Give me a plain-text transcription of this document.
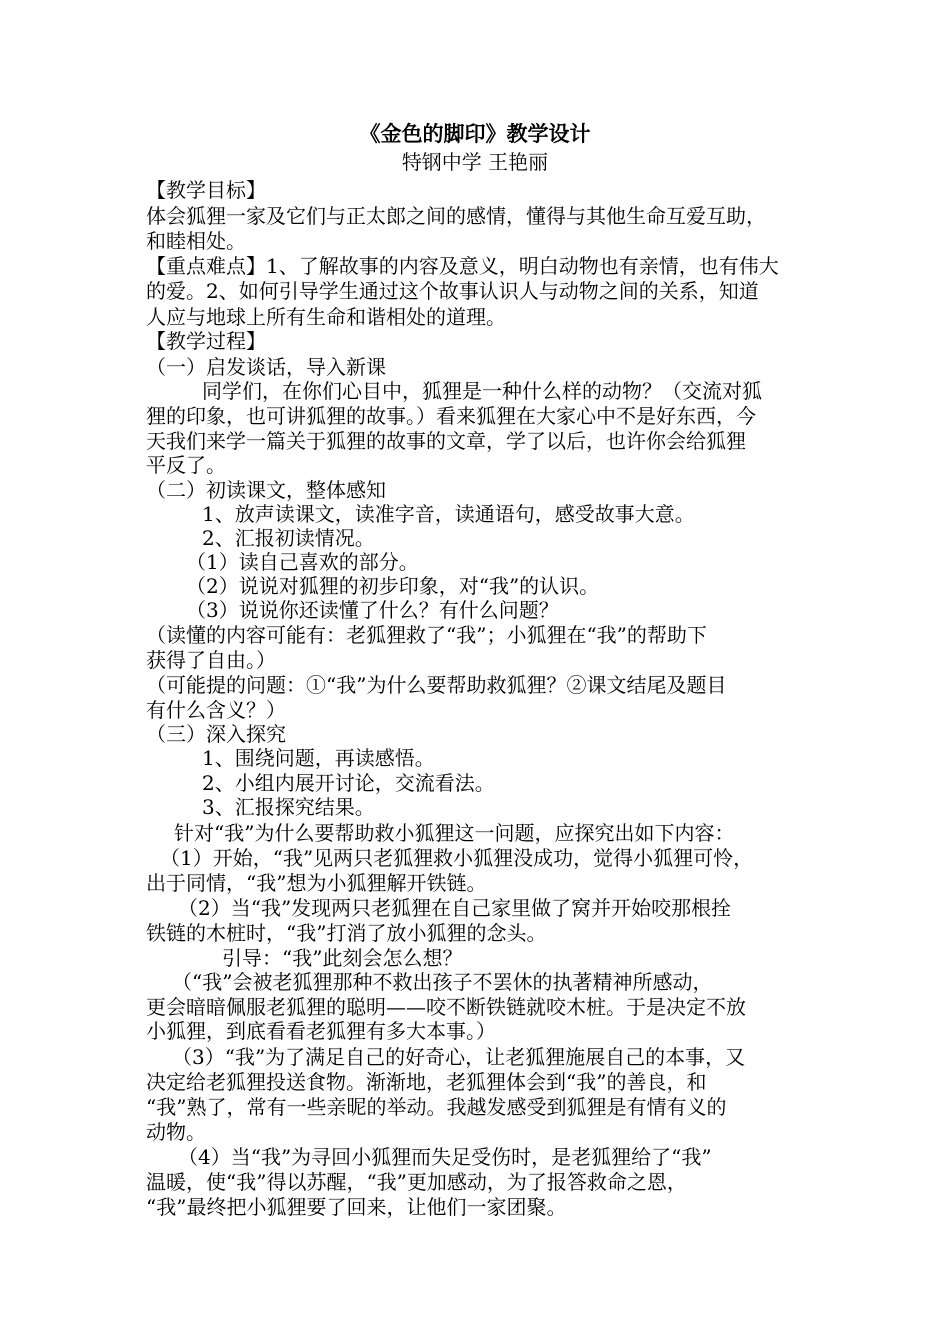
《金色的脚印》教学设计
特钢中学 王艳丽
【教学目标】
体会狐狸一家及它们与正太郎之间的感情，懂得与其他生命互爱互助，
和睦相处。
【重点难点】1、了解故事的内容及意义，明白动物也有亲情，也有伟大
的爱。2、如何引导学生通过这个故事认识人与动物之间的关系，知道
人应与地球上所有生命和谐相处的道理。
【教学过程】
（一）启发谈话，导入新课
同学们，在你们心目中，狐狸是一种什么样的动物？（交流对狐
狸的印象，也可讲狐狸的故事。）看来狐狸在大家心中不是好东西，今
天我们来学一篇关于狐狸的故事的文章，学了以后，也许你会给狐狸
平反了。
（二）初读课文，整体感知
1、放声读课文，读准字音，读通语句，感受故事大意。
2、汇报初读情况。
（1）读自己喜欢的部分。
（2）说说对狐狸的初步印象，对“我”的认识。
（3）说说你还读懂了什么？有什么问题？
（读懂的内容可能有：老狐狸救了“我”；小狐狸在“我”的帮助下
获得了自由。）
（可能提的问题：①“我”为什么要帮助救狐狸？②课文结尾及题目
有什么含义？）
（三）深入探究
1、围绕问题，再读感悟。
2、小组内展开讨论，交流看法。
3、汇报探究结果。
针对“我”为什么要帮助救小狐狸这一问题，应探究出如下内容：
（1）开始，“我”见两只老狐狸救小狐狸没成功，觉得小狐狸可怜，
出于同情，“我”想为小狐狸解开铁链。
（2）当“我”发现两只老狐狸在自己家里做了窝并开始咬那根拴
铁链的木桩时，“我”打消了放小狐狸的念头。
引导：“我”此刻会怎么想？
（“我”会被老狐狸那种不救出孩子不罢休的执著精神所感动，
更会暗暗佩服老狐狸的聪明——咬不断铁链就咬木桩。于是决定不放
小狐狸，到底看看老狐狸有多大本事。）
（3）“我”为了满足自己的好奇心，让老狐狸施展自己的本事，又
决定给老狐狸投送食物。渐渐地，老狐狸体会到“我”的善良，和
“我”熟了，常有一些亲昵的举动。我越发感受到狐狸是有情有义的
动物。
（4）当“我”为寻回小狐狸而失足受伤时，是老狐狸给了“我”
温暖，使“我”得以苏醒，“我”更加感动，为了报答救命之恩，
“我”最终把小狐狸要了回来，让他们一家团聚。
